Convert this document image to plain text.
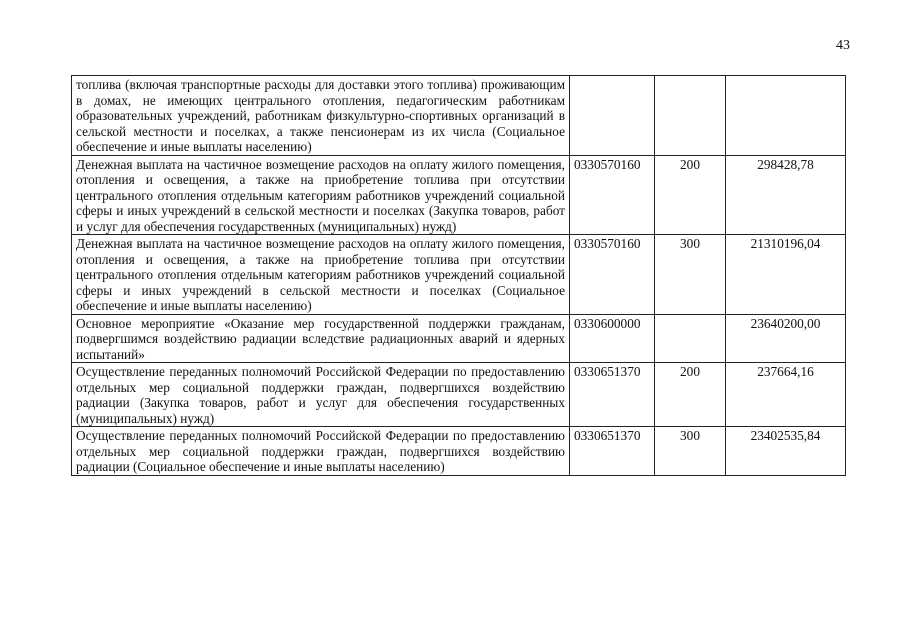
43
топлива (включая транспортные расходы для доставки этого топлива) проживающим в домах, не имеющих центрального отопления, педагогическим работникам образовательных учреждений, работникам физкультурно-спортивных организаций в сельской местности и поселках, а также пенсионерам из их числа (Социальное обеспечение и иные выплаты населению)			
Денежная выплата на частичное возмещение расходов на оплату жилого помещения, отопления и освещения, а также на приобретение топлива при отсутствии центрального отопления отдельным категориям работников учреждений социальной сферы и иных учреждений в сельской местности и поселках (Закупка товаров, работ и услуг для обеспечения государственных (муниципальных) нужд)	0330570160	200	298428,78
Денежная выплата на частичное возмещение расходов на оплату жилого помещения, отопления и освещения, а также на приобретение топлива при отсутствии центрального отопления отдельным категориям работников учреждений социальной сферы и иных учреждений в сельской местности и поселках (Социальное обеспечение и иные выплаты населению)	0330570160	300	21310196,04
Основное мероприятие «Оказание мер государственной поддержки гражданам, подвергшимся воздействию радиации вследствие радиационных аварий и ядерных испытаний»	0330600000		23640200,00
Осуществление переданных полномочий Российской Федерации по предоставлению отдельных мер социальной поддержки граждан, подвергшихся воздействию радиации (Закупка товаров, работ и услуг для обеспечения государственных (муниципальных) нужд)	0330651370	200	237664,16
Осуществление переданных полномочий Российской Федерации по предоставлению отдельных мер социальной поддержки граждан, подвергшихся воздействию радиации (Социальное обеспечение и иные выплаты населению)	0330651370	300	23402535,84
